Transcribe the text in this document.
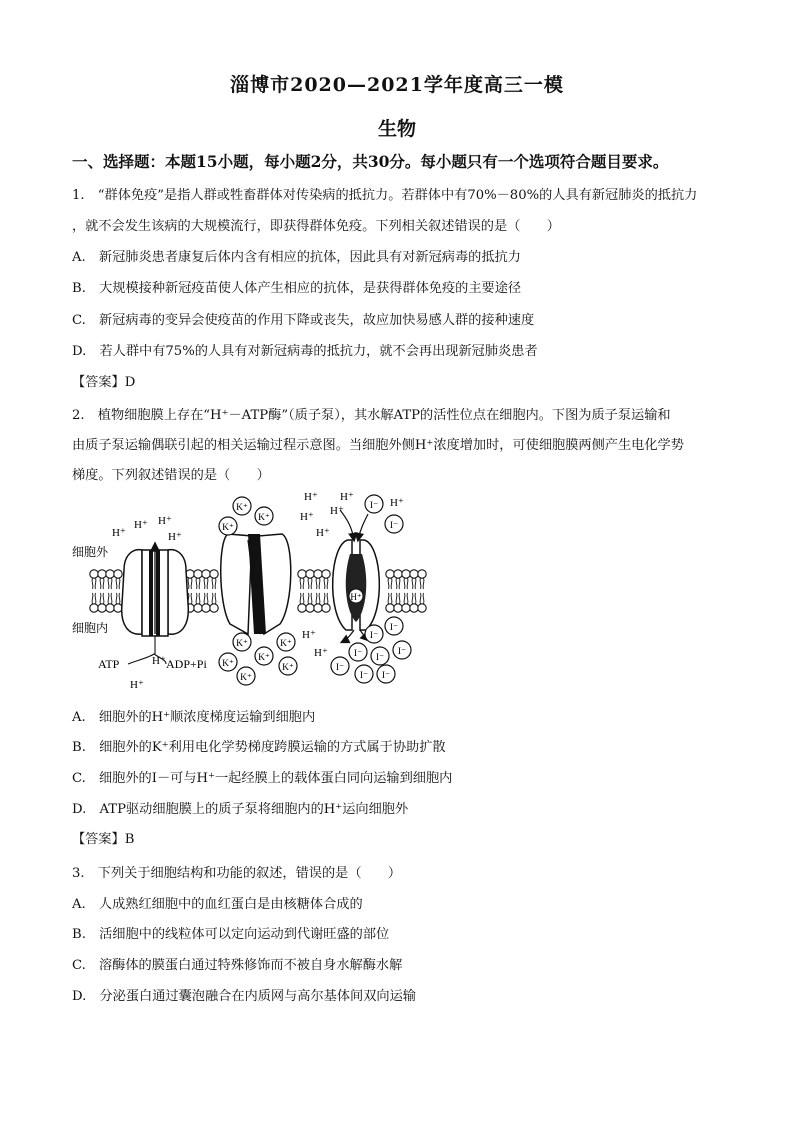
淄博市2020—2021学年度高三一模
生物
一、选择题：本题15小题，每小题2分，共30分。每小题只有一个选项符合题目要求。
1.　“群体免疫”是指人群或牲畜群体对传染病的抵抗力。若群体中有70%－80%的人具有新冠肺炎的抵抗力
，就不会发生该病的大规模流行，即获得群体免疫。下列相关叙述错误的是（　　）
A.　新冠肺炎患者康复后体内含有相应的抗体，因此具有对新冠病毒的抵抗力
B.　大规模接种新冠疫苗使人体产生相应的抗体，是获得群体免疫的主要途径
C.　新冠病毒的变异会使疫苗的作用下降或丧失，故应加快易感人群的接种速度
D.　若人群中有75%的人具有对新冠病毒的抵抗力，就不会再出现新冠肺炎患者
【答案】D
2.　植物细胞膜上存在“H⁺－ATP酶”（质子泵），其水解ATP的活性位点在细胞内。下图为质子泵运输和
由质子泵运输偶联引起的相关运输过程示意图。当细胞外侧H⁺浓度增加时，可使细胞膜两侧产生电化学势
梯度。下列叙述错误的是（　　）
H⁺
细胞外
细胞内
ATP	ADP+Pi
H⁺
H⁺ H⁺
H⁺
H⁺
H⁺
H⁺ H⁺
H⁺ H⁺
H⁺
H⁺
H⁺
H⁺
K⁺
K⁺
K⁺
K⁺
K⁺
K⁺
K⁺
K⁺
K⁺
I⁻
I⁻
I⁻
I⁻
I⁻ I⁻
I⁻
I⁻
I⁻ I⁻
A.　细胞外的H⁺顺浓度梯度运输到细胞内
B.　细胞外的K⁺利用电化学势梯度跨膜运输的方式属于协助扩散
C.　细胞外的I－可与H⁺一起经膜上的载体蛋白同向运输到细胞内
D.　ATP驱动细胞膜上的质子泵将细胞内的H⁺运向细胞外
【答案】B
3.　下列关于细胞结构和功能的叙述，错误的是（　　）
A.　人成熟红细胞中的血红蛋白是由核糖体合成的
B.　活细胞中的线粒体可以定向运动到代谢旺盛的部位
C.　溶酶体的膜蛋白通过特殊修饰而不被自身水解酶水解
D.　分泌蛋白通过囊泡融合在内质网与高尔基体间双向运输
